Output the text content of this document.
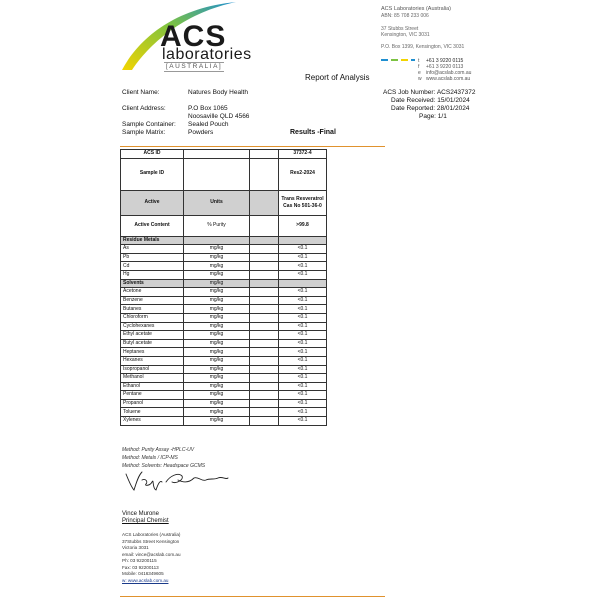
ACS
laboratories
[AUSTRALIA]
ACS Laboratories (Australia)
ABN: 85 708 233 006
37 Stubbs Street
Kensington, VIC 3031
P.O. Box 1399, Kensington, VIC 3031
t +61 3 9220 0115
f +61 3 9220 0113
e info@acslab.com.au
w www.acslab.com.au
Report of Analysis
Client Name:	Natures Body Health
Client Address:	P.O Box 1065
Noosaville QLD 4566
Sample Container: Sealed Pouch
Sample Matrix:	Powders
ACS Job Number: ACS2437372
Date Received: 15/01/2024
Date Reported: 28/01/2024
Page: 1/1
Results -Final
ACS ID			37372-4
Sample ID			Res2-2024
Active	Units		Trans Resveratrol
Cas No 501-36-0

Active Content	% Purity		>99.8
Residue Metals			
As	mg/kg		<0.1
Pb	mg/kg		<0.1
Cd	mg/kg		<0.1
Hg	mg/kg		<0.1
Solvents	mg/kg		
Acetone	mg/kg		<0.1
Benzene	mg/kg		<0.1
Butanes	mg/kg		<0.1
Chloroform	mg/kg		<0.1
Cyclohexanes	mg/kg		<0.1
Ethyl acetate	mg/kg		<0.1
Butyl acetate	mg/kg		<0.1
Heptanes	mg/kg		<0.1
Hexanes	mg/kg		<0.1
Isopropanol	mg/kg		<0.1
Methanol	mg/kg		<0.1
Ethanol	mg/kg		<0.1
Pentane	mg/kg		<0.1
Propanol	mg/kg		<0.1
Toluene	mg/kg		<0.1
Xylenes	mg/kg		<0.1
Method: Purity Assay -HPLC-UV
Method: Metals / ICP-MS
Method: Solvents: Headspace GCMS
Vince Murone
Principal Chemist
ACS Laboratories (Australia)
37Stubbs Street Kensington
Victoria 3031
email: vince@acslab.com.au
Ph: 03 92200115
Fax: 03 92200113
Mobile: 0416349605
w: www.acslab.com.au
